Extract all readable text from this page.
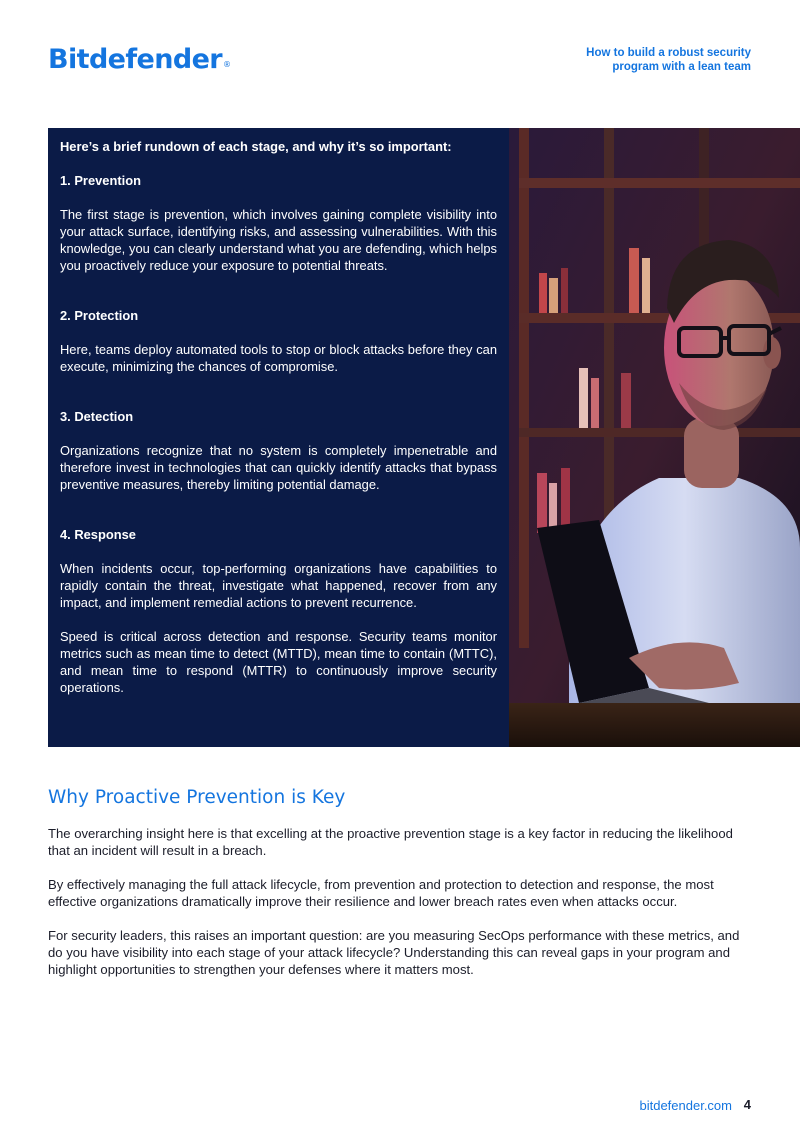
Bitdefender®
How to build a robust security
program with a lean team

Here’s a brief rundown of each stage, and why it’s so important:

1. Prevention

The first stage is prevention, which involves gaining complete visibility into your attack surface, identifying risks, and assessing vulnerabilities. With this knowledge, you can clearly understand what you are defending, which helps you proactively reduce your exposure to potential threats.

2. Protection

Here, teams deploy automated tools to stop or block attacks before they can execute, minimizing the chances of compromise.

3. Detection

Organizations recognize that no system is completely impenetrable and therefore invest in technologies that can quickly identify attacks that bypass preventive measures, thereby limiting potential damage.

4. Response

When incidents occur, top-performing organizations have capabilities to rapidly contain the threat, investigate what happened, recover from any impact, and implement remedial actions to prevent recurrence.

Speed is critical across detection and response. Security teams monitor metrics such as mean time to detect (MTTD), mean time to contain (MTTC), and mean time to respond (MTTR) to continuously improve security operations.

Why Proactive Prevention is Key

The overarching insight here is that excelling at the proactive prevention stage is a key factor in reducing the likelihood that an incident will result in a breach.

By effectively managing the full attack lifecycle, from prevention and protection to detection and response, the most effective organizations dramatically improve their resilience and lower breach rates even when attacks occur.

For security leaders, this raises an important question: are you measuring SecOps performance with these metrics, and do you have visibility into each stage of your attack lifecycle? Understanding this can reveal gaps in your program and highlight opportunities to strengthen your defenses where it matters most.

bitdefender.com 4
